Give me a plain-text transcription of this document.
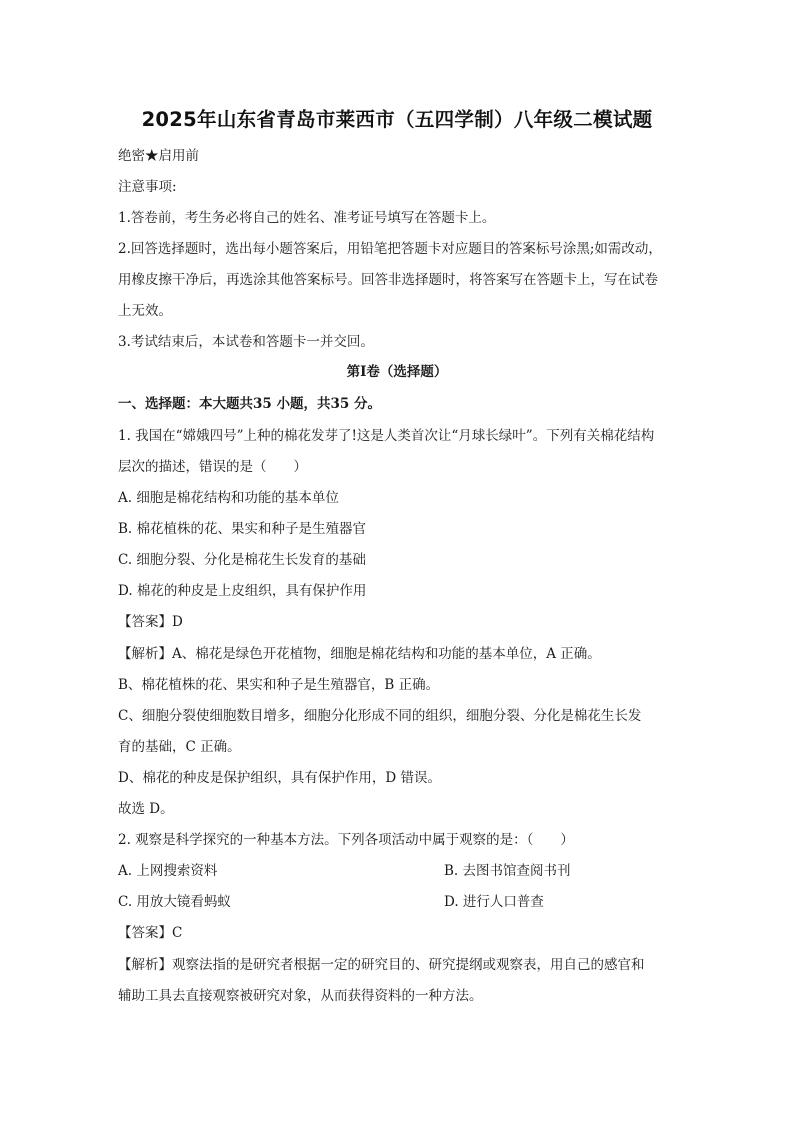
2025年山东省青岛市莱西市（五四学制）八年级二模试题
绝密★启用前
注意事项:
1.答卷前，考生务必将自己的姓名、准考证号填写在答题卡上。
2.回答选择题时，选出每小题答案后，用铅笔把答题卡对应题目的答案标号涂黑;如需改动，
用橡皮擦干净后，再选涂其他答案标号。回答非选择题时，将答案写在答题卡上，写在试卷
上无效。
3.考试结束后，本试卷和答题卡一并交回。
第I卷（选择题）
一、选择题：本大题共35 小题，共35 分。
1. 我国在“嫦娥四号”上种的棉花发芽了!这是人类首次让“月球长绿叶”。下列有关棉花结构
层次的描述，错误的是（　　）
A. 细胞是棉花结构和功能的基本单位
B. 棉花植株的花、果实和种子是生殖器官
C. 细胞分裂、分化是棉花生长发育的基础
D. 棉花的种皮是上皮组织，具有保护作用
【答案】D
【解析】A、棉花是绿色开花植物，细胞是棉花结构和功能的基本单位，A 正确。
B、棉花植株的花、果实和种子是生殖器官，B 正确。
C、细胞分裂使细胞数目增多，细胞分化形成不同的组织，细胞分裂、分化是棉花生长发
育的基础，C 正确。
D、棉花的种皮是保护组织，具有保护作用，D 错误。
故选 D。
2. 观察是科学探究的一种基本方法。下列各项活动中属于观察的是：（　　）
A. 上网搜索资料	B. 去图书馆查阅书刊
C. 用放大镜看蚂蚁	D. 进行人口普查
【答案】C
【解析】观察法指的是研究者根据一定的研究目的、研究提纲或观察表，用自己的感官和
辅助工具去直接观察被研究对象，从而获得资料的一种方法。
